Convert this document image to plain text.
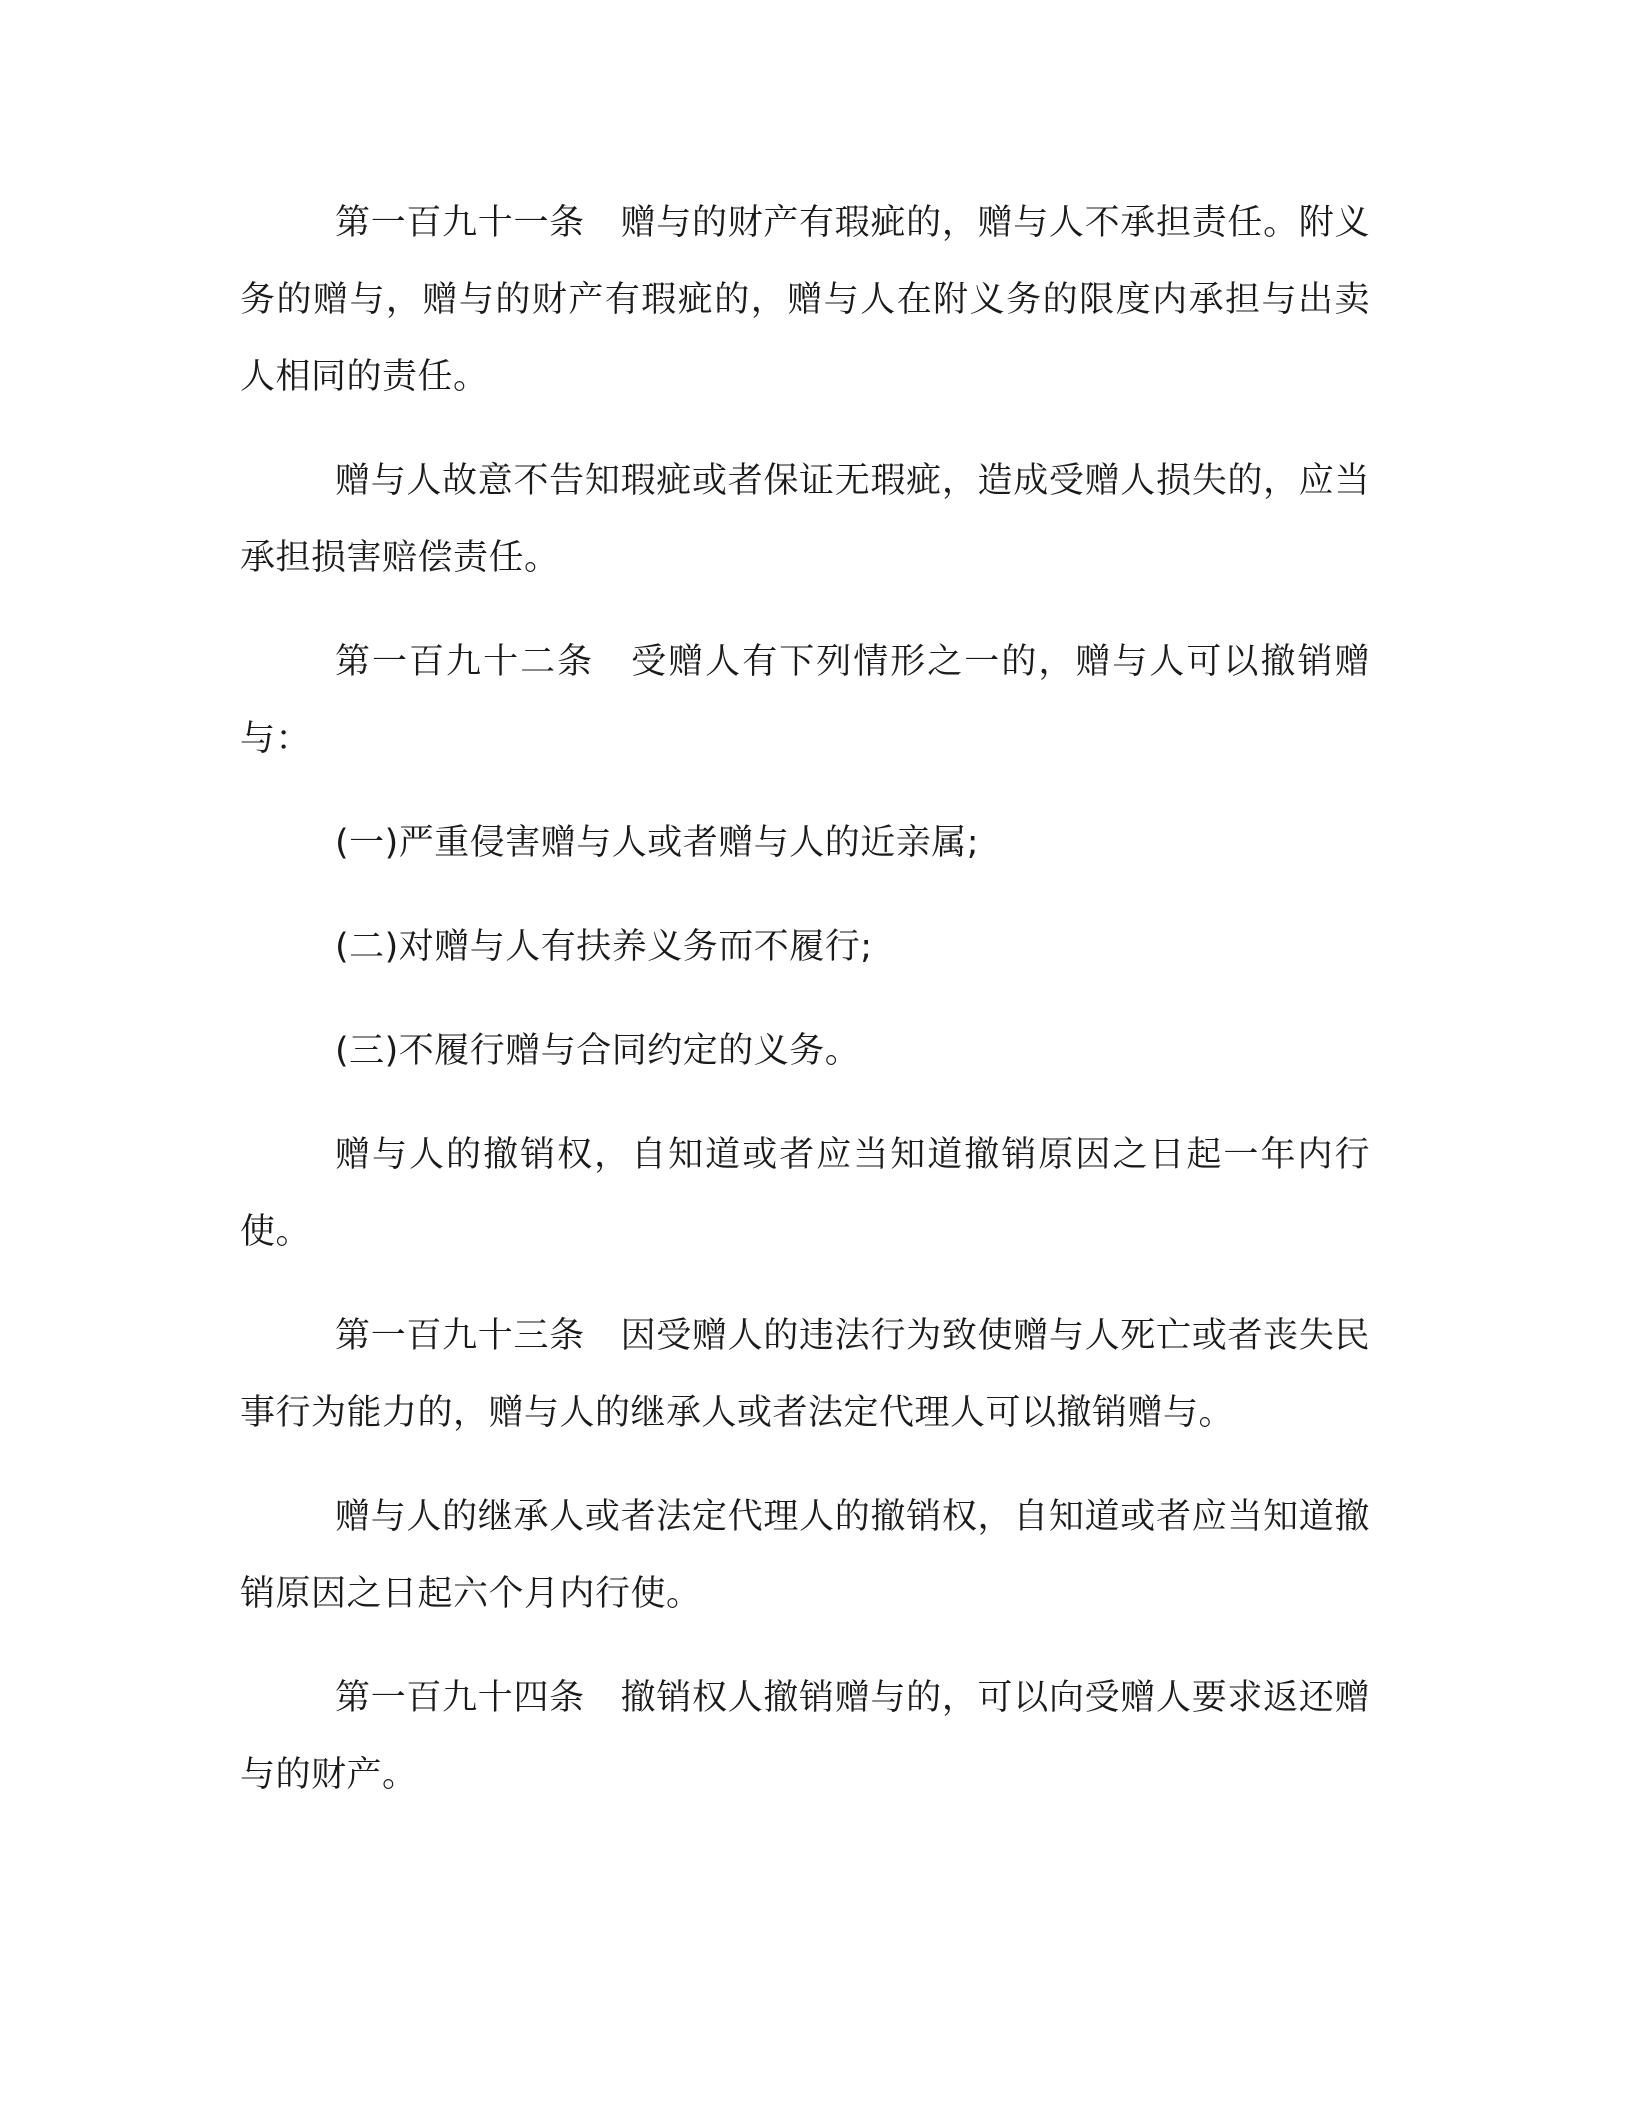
第一百九十一条　赠与的财产有瑕疵的，赠与人不承担责任。附义务的赠与，赠与的财产有瑕疵的，赠与人在附义务的限度内承担与出卖人相同的责任。

赠与人故意不告知瑕疵或者保证无瑕疵，造成受赠人损失的，应当承担损害赔偿责任。

第一百九十二条　受赠人有下列情形之一的，赠与人可以撤销赠与：

(一)严重侵害赠与人或者赠与人的近亲属;

(二)对赠与人有扶养义务而不履行;

(三)不履行赠与合同约定的义务。

赠与人的撤销权，自知道或者应当知道撤销原因之日起一年内行使。

第一百九十三条　因受赠人的违法行为致使赠与人死亡或者丧失民事行为能力的，赠与人的继承人或者法定代理人可以撤销赠与。

赠与人的继承人或者法定代理人的撤销权，自知道或者应当知道撤销原因之日起六个月内行使。

第一百九十四条　撤销权人撤销赠与的，可以向受赠人要求返还赠与的财产。
